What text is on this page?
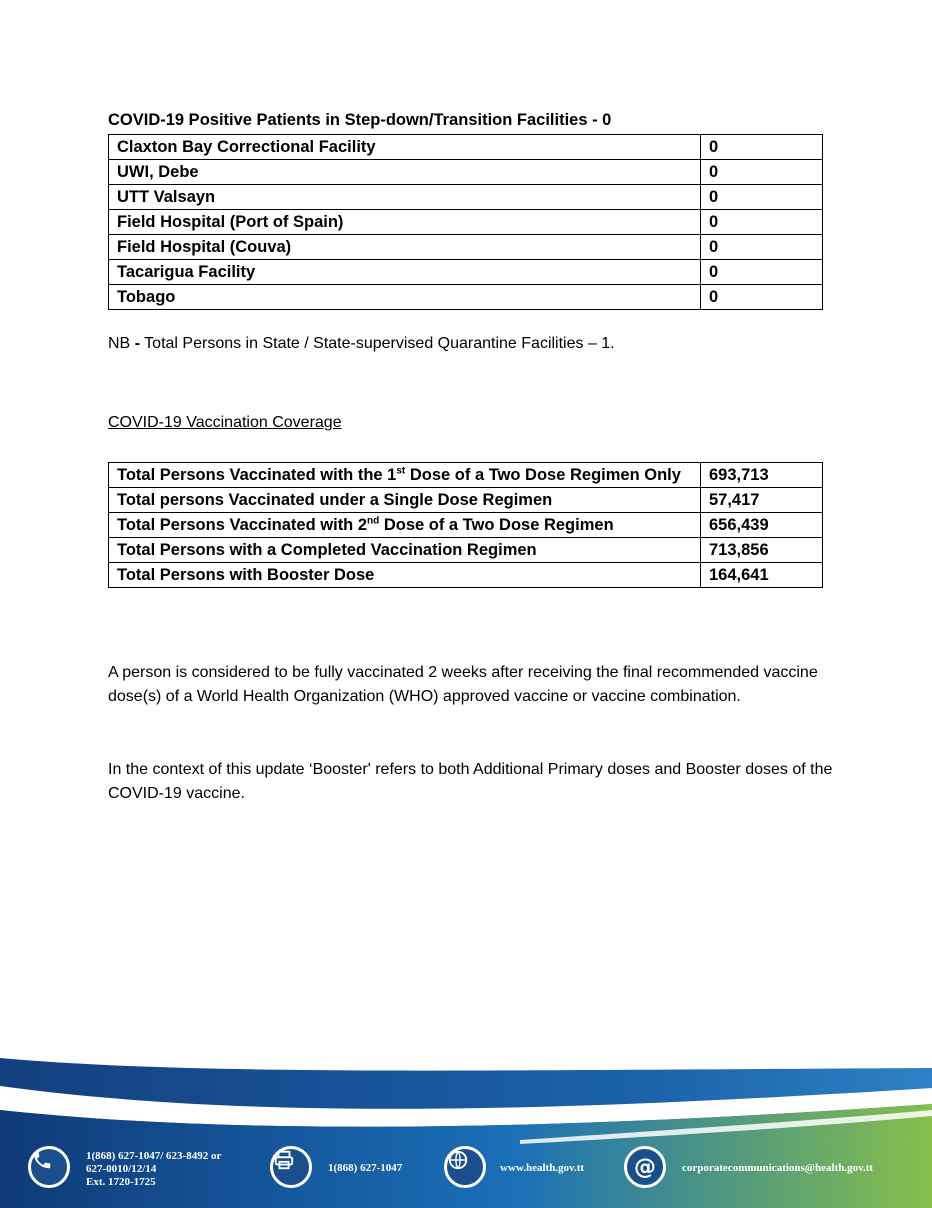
COVID-19 Positive Patients in Step-down/Transition Facilities - 0

Claxton Bay Correctional Facility	0
UWI, Debe	0
UTT Valsayn	0
Field Hospital (Port of Spain)	0
Field Hospital (Couva)	0
Tacarigua Facility	0
Tobago	0

NB - Total Persons in State / State-supervised Quarantine Facilities – 1.

COVID-19 Vaccination Coverage

Total Persons Vaccinated with the 1st Dose of a Two Dose Regimen Only	693,713
Total persons Vaccinated under a Single Dose Regimen	57,417
Total Persons Vaccinated with 2nd Dose of a Two Dose Regimen	656,439
Total Persons with a Completed Vaccination Regimen	713,856
Total Persons with Booster Dose	164,641

A person is considered to be fully vaccinated 2 weeks after receiving the final recommended vaccine dose(s) of a World Health Organization (WHO) approved vaccine or vaccine combination.

In the context of this update ‘Booster' refers to both Additional Primary doses and Booster doses of the COVID-19 vaccine.

1(868) 627-1047/ 623-8492 or
627-0010/12/14
Ext. 1720-1725
1(868) 627-1047	www.health.gov.tt @ corporatecommunications@health.gov.tt
